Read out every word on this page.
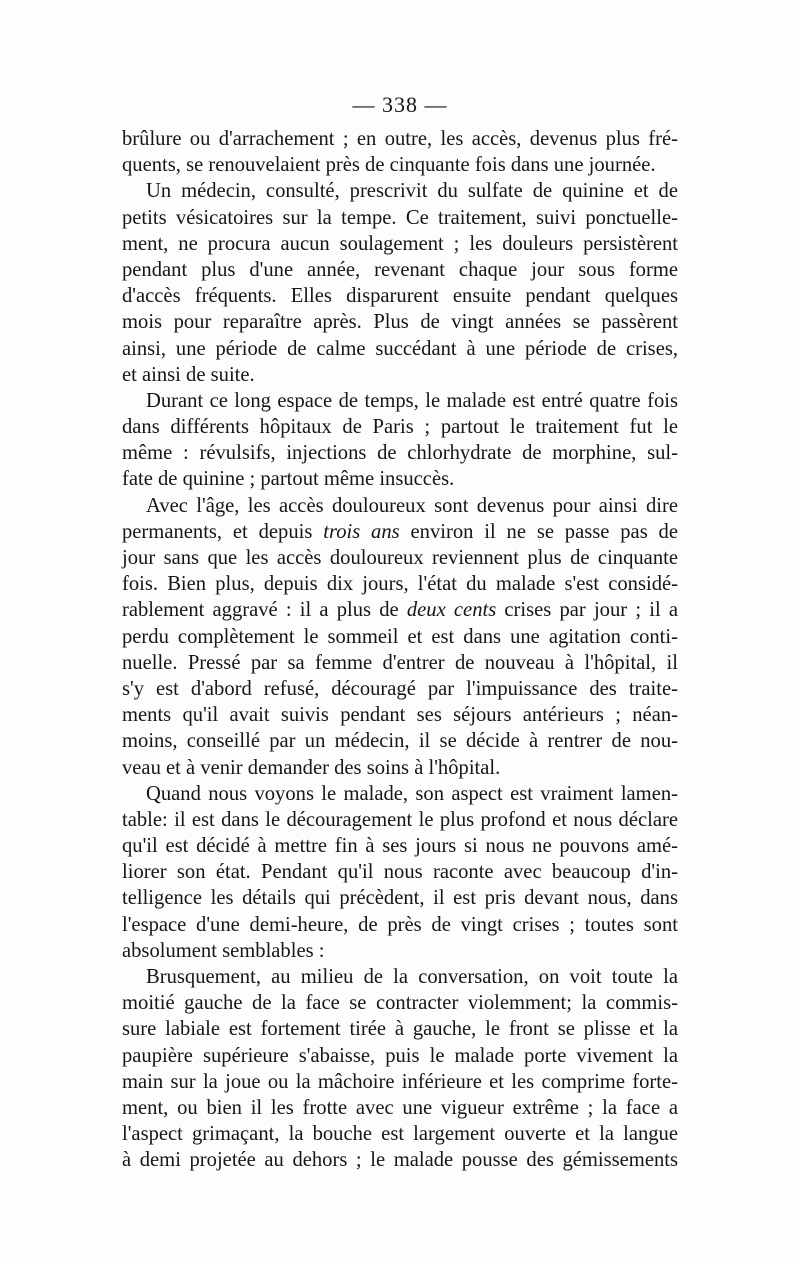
— 338 —
brûlure ou d'arrachement ; en outre, les accès, devenus plus fré-
quents, se renouvelaient près de cinquante fois dans une journée.
Un médecin, consulté, prescrivit du sulfate de quinine et de
petits vésicatoires sur la tempe. Ce traitement, suivi ponctuelle-
ment, ne procura aucun soulagement ; les douleurs persistèrent
pendant plus d'une année, revenant chaque jour sous forme
d'accès fréquents. Elles disparurent ensuite pendant quelques
mois pour reparaître après. Plus de vingt années se passèrent
ainsi, une période de calme succédant à une période de crises,
et ainsi de suite.
Durant ce long espace de temps, le malade est entré quatre fois
dans différents hôpitaux de Paris ; partout le traitement fut le
même : révulsifs, injections de chlorhydrate de morphine, sul-
fate de quinine ; partout même insuccès.
Avec l'âge, les accès douloureux sont devenus pour ainsi dire
permanents, et depuis trois ans environ il ne se passe pas de
jour sans que les accès douloureux reviennent plus de cinquante
fois. Bien plus, depuis dix jours, l'état du malade s'est considé-
rablement aggravé : il a plus de deux cents crises par jour ; il a
perdu complètement le sommeil et est dans une agitation conti-
nuelle. Pressé par sa femme d'entrer de nouveau à l'hôpital, il
s'y est d'abord refusé, découragé par l'impuissance des traite-
ments qu'il avait suivis pendant ses séjours antérieurs ; néan-
moins, conseillé par un médecin, il se décide à rentrer de nou-
veau et à venir demander des soins à l'hôpital.
Quand nous voyons le malade, son aspect est vraiment lamen-
table: il est dans le découragement le plus profond et nous déclare
qu'il est décidé à mettre fin à ses jours si nous ne pouvons amé-
liorer son état. Pendant qu'il nous raconte avec beaucoup d'in-
telligence les détails qui précèdent, il est pris devant nous, dans
l'espace d'une demi-heure, de près de vingt crises ; toutes sont
absolument semblables :
Brusquement, au milieu de la conversation, on voit toute la
moitié gauche de la face se contracter violemment; la commis-
sure labiale est fortement tirée à gauche, le front se plisse et la
paupière supérieure s'abaisse, puis le malade porte vivement la
main sur la joue ou la mâchoire inférieure et les comprime forte-
ment, ou bien il les frotte avec une vigueur extrême ; la face a
l'aspect grimaçant, la bouche est largement ouverte et la langue
à demi projetée au dehors ; le malade pousse des gémissements
